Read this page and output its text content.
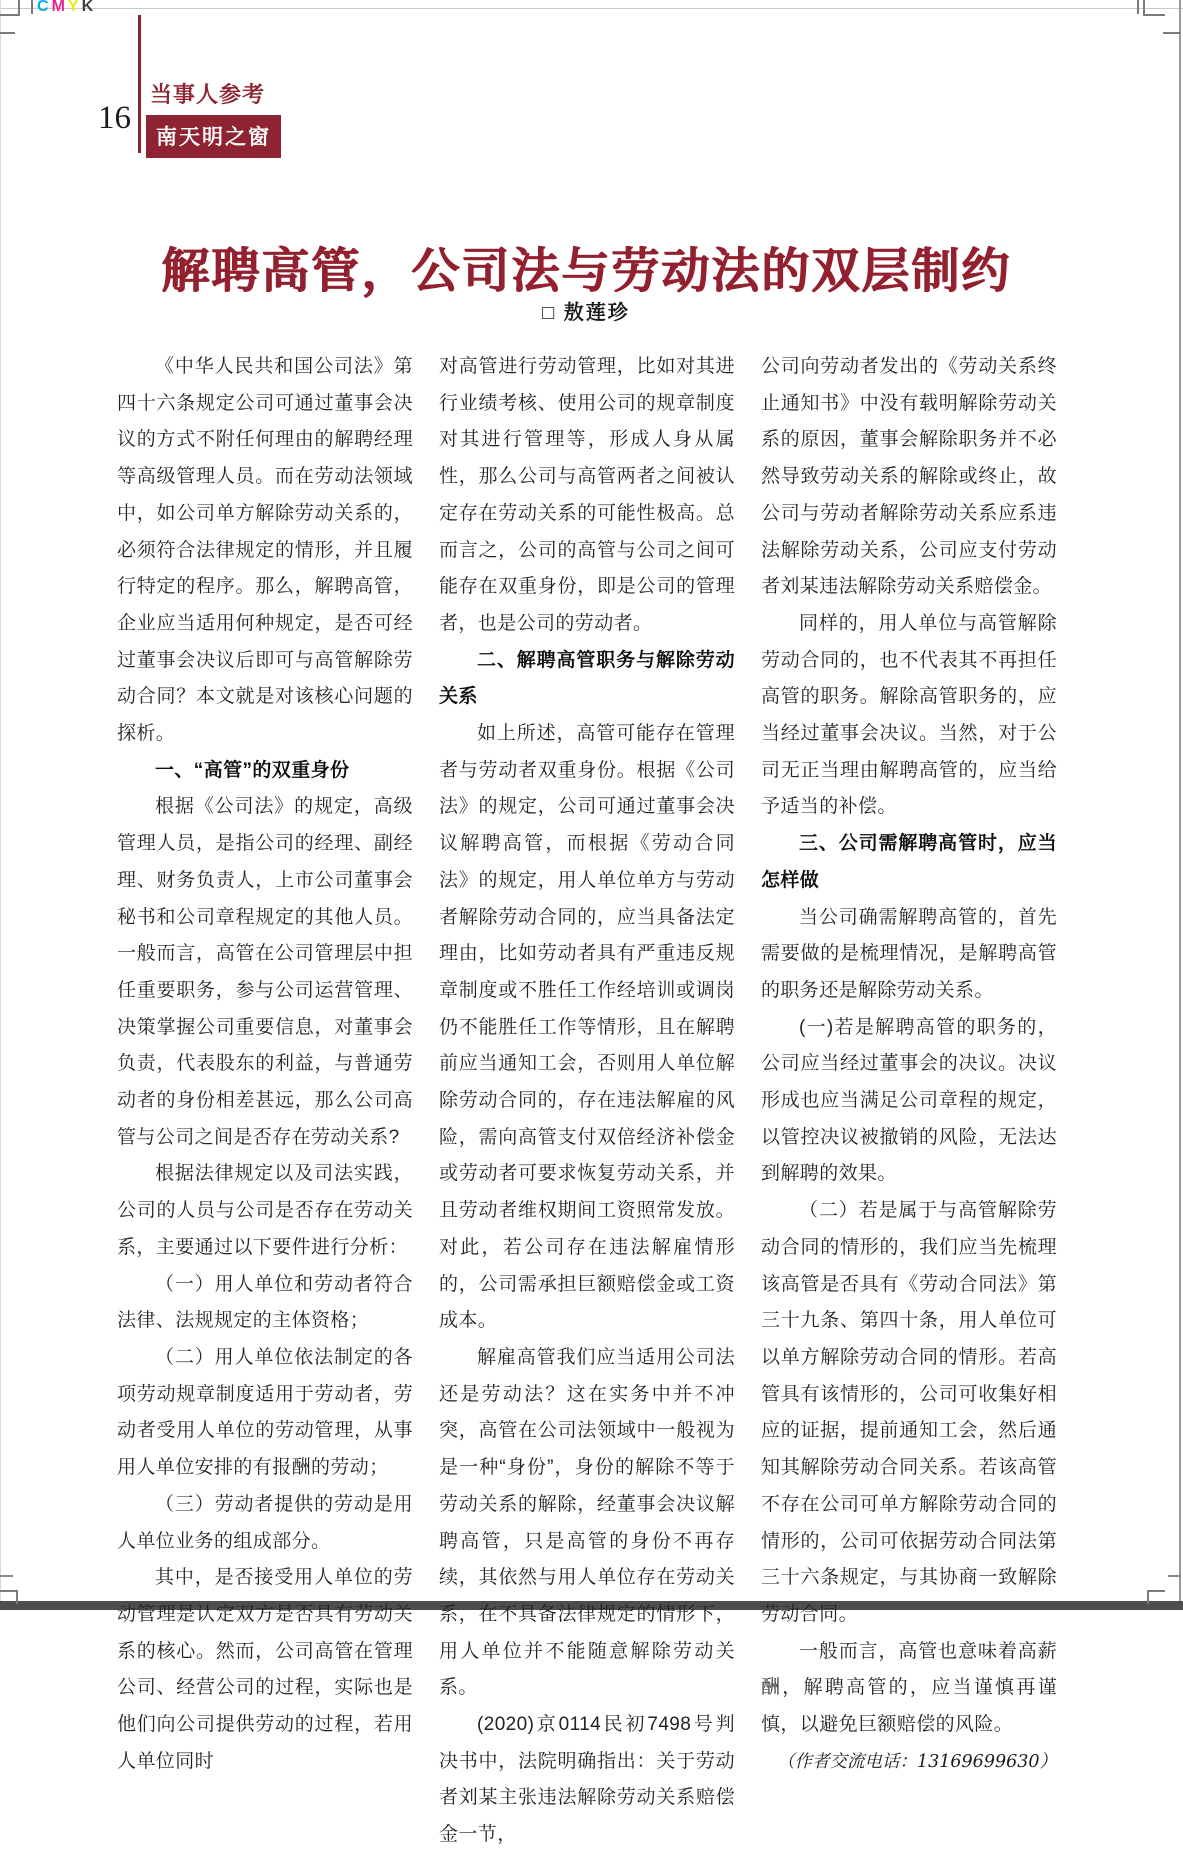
CMYK
16
当事人参考
南天明之窗
解聘高管，公司法与劳动法的双层制约
□ 敖莲珍

《中华人民共和国公司法》第四十六条规定公司可通过董事会决议的方式不附任何理由的解聘经理等高级管理人员。而在劳动法领域中，如公司单方解除劳动关系的，必须符合法律规定的情形，并且履行特定的程序。那么，解聘高管，企业应当适用何种规定，是否可经过董事会决议后即可与高管解除劳动合同？本文就是对该核心问题的探析。

一、“高管”的双重身份

根据《公司法》的规定，高级管理人员，是指公司的经理、副经理、财务负责人，上市公司董事会秘书和公司章程规定的其他人员。一般而言，高管在公司管理层中担任重要职务，参与公司运营管理、决策掌握公司重要信息，对董事会负责，代表股东的利益，与普通劳动者的身份相差甚远，那么公司高管与公司之间是否存在劳动关系?

根据法律规定以及司法实践，公司的人员与公司是否存在劳动关系，主要通过以下要件进行分析：

（一）用人单位和劳动者符合法律、法规规定的主体资格；

（二）用人单位依法制定的各项劳动规章制度适用于劳动者，劳动者受用人单位的劳动管理，从事用人单位安排的有报酬的劳动；

（三）劳动者提供的劳动是用人单位业务的组成部分。

其中，是否接受用人单位的劳动管理是认定双方是否具有劳动关系的核心。然而，公司高管在管理公司、经营公司的过程，实际也是他们向公司提供劳动的过程，若用人单位同时

对高管进行劳动管理，比如对其进行业绩考核、使用公司的规章制度对其进行管理等，形成人身从属性，那么公司与高管两者之间被认定存在劳动关系的可能性极高。总而言之，公司的高管与公司之间可能存在双重身份，即是公司的管理者，也是公司的劳动者。

二、解聘高管职务与解除劳动关系

如上所述，高管可能存在管理者与劳动者双重身份。根据《公司法》的规定，公司可通过董事会决议解聘高管，而根据《劳动合同法》的规定，用人单位单方与劳动者解除劳动合同的，应当具备法定理由，比如劳动者具有严重违反规章制度或不胜任工作经培训或调岗仍不能胜任工作等情形，且在解聘前应当通知工会，否则用人单位解除劳动合同的，存在违法解雇的风险，需向高管支付双倍经济补偿金或劳动者可要求恢复劳动关系，并且劳动者维权期间工资照常发放。对此，若公司存在违法解雇情形的，公司需承担巨额赔偿金或工资成本。

解雇高管我们应当适用公司法还是劳动法？这在实务中并不冲突，高管在公司法领域中一般视为是一种“身份”，身份的解除不等于劳动关系的解除，经董事会决议解聘高管，只是高管的身份不再存续，其依然与用人单位存在劳动关系，在不具备法律规定的情形下，用人单位并不能随意解除劳动关系。

(2020)京0114民初7498号判决书中，法院明确指出：关于劳动者刘某主张违法解除劳动关系赔偿金一节，

公司向劳动者发出的《劳动关系终止通知书》中没有载明解除劳动关系的原因，董事会解除职务并不必然导致劳动关系的解除或终止，故公司与劳动者解除劳动关系应系违法解除劳动关系，公司应支付劳动者刘某违法解除劳动关系赔偿金。

同样的，用人单位与高管解除劳动合同的，也不代表其不再担任高管的职务。解除高管职务的，应当经过董事会决议。当然，对于公司无正当理由解聘高管的，应当给予适当的补偿。

三、公司需解聘高管时，应当怎样做

当公司确需解聘高管的，首先需要做的是梳理情况，是解聘高管的职务还是解除劳动关系。

(一)若是解聘高管的职务的，公司应当经过董事会的决议。决议形成也应当满足公司章程的规定，以管控决议被撤销的风险，无法达到解聘的效果。

（二）若是属于与高管解除劳动合同的情形的，我们应当先梳理该高管是否具有《劳动合同法》第三十九条、第四十条，用人单位可以单方解除劳动合同的情形。若高管具有该情形的，公司可收集好相应的证据，提前通知工会，然后通知其解除劳动合同关系。若该高管不存在公司可单方解除劳动合同的情形的，公司可依据劳动合同法第三十六条规定，与其协商一致解除劳动合同。

一般而言，高管也意味着高薪酬，解聘高管的，应当谨慎再谨慎，以避免巨额赔偿的风险。

（作者交流电话：13169699630）
